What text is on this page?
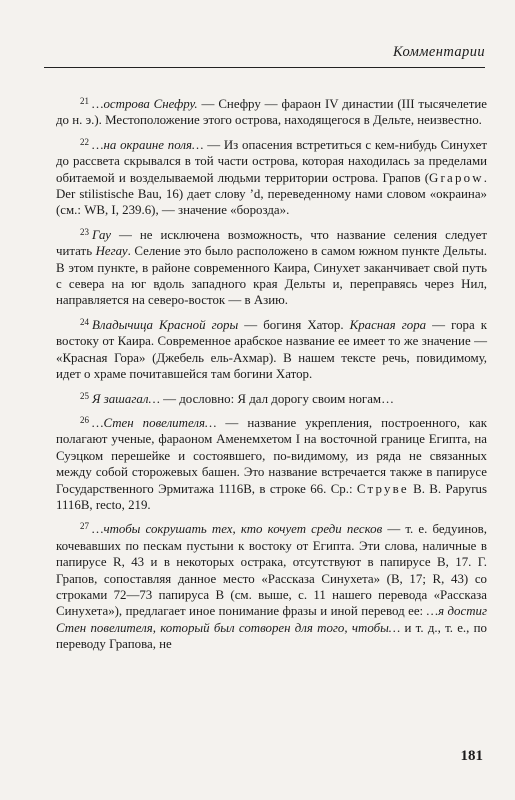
Комментарии

$^{21}$ …острова Снефру. — Снефру — фараон IV династии (III тысячелетие до н. э.). Местоположение этого острова, находящегося в Дельте, неизвестно.

$^{22}$ …на окраине поля… — Из опасения встретиться с кем-нибудь Синухет до рассвета скрывался в той части острова, которая находилась за пределами обитаемой и возделываемой людьми территории острова. Грапов (Grapow. Der stilistische Bau, 16) дает слову ʼd, переведенному нами словом «окраина» (см.: WB, I, 239.6), — значение «борозда».

$^{23}$ Гау — не исключена возможность, что название селения следует читать Негау. Селение это было расположено в самом южном пункте Дельты. В этом пункте, в районе современного Каира, Синухет заканчивает свой путь с севера на юг вдоль западного края Дельты и, переправясь через Нил, направляется на северо-восток — в Азию.

$^{24}$ Владычица Красной горы — богиня Хатор. Красная гора — гора к востоку от Каира. Современное арабское название ее имеет то же значение — «Красная Гора» (Джебель ель-Ахмар). В нашем тексте речь, повидимому, идет о храме почитавшейся там богини Хатор.

$^{25}$ Я зашагал… — дословно: Я дал дорогу своим ногам…

$^{26}$ …Стен повелителя… — название укрепления, построенного, как полагают ученые, фараоном Аменемхетом I на восточной границе Египта, на Суэцком перешейке и состоявшего, по-видимому, из ряда не связанных между собой сторожевых башен. Это название встречается также в папирусе Государственного Эрмитажа 1116В, в строке 66. Ср.: Струве В. В. Papyrus 1116B, recto, 219.

$^{27}$ …чтобы сокрушать тех, кто кочует среди песков — т. е. бедуинов, кочевавших по пескам пустыни к востоку от Египта. Эти слова, наличные в папирусе R, 43 и в некоторых остракa, отсутствуют в папирусе В, 17. Г. Грапов, сопоставляя данное место «Рассказа Синухета» (В, 17; R, 43) со строками 72—73 папируса В (см. выше, с. 11 нашего перевода «Рассказа Синухета»), предлагает иное понимание фразы и иной перевод ее: …я достиг Стен повелителя, который был сотворен для того, чтобы… и т. д., т. е., по переводу Грапова, не

181
